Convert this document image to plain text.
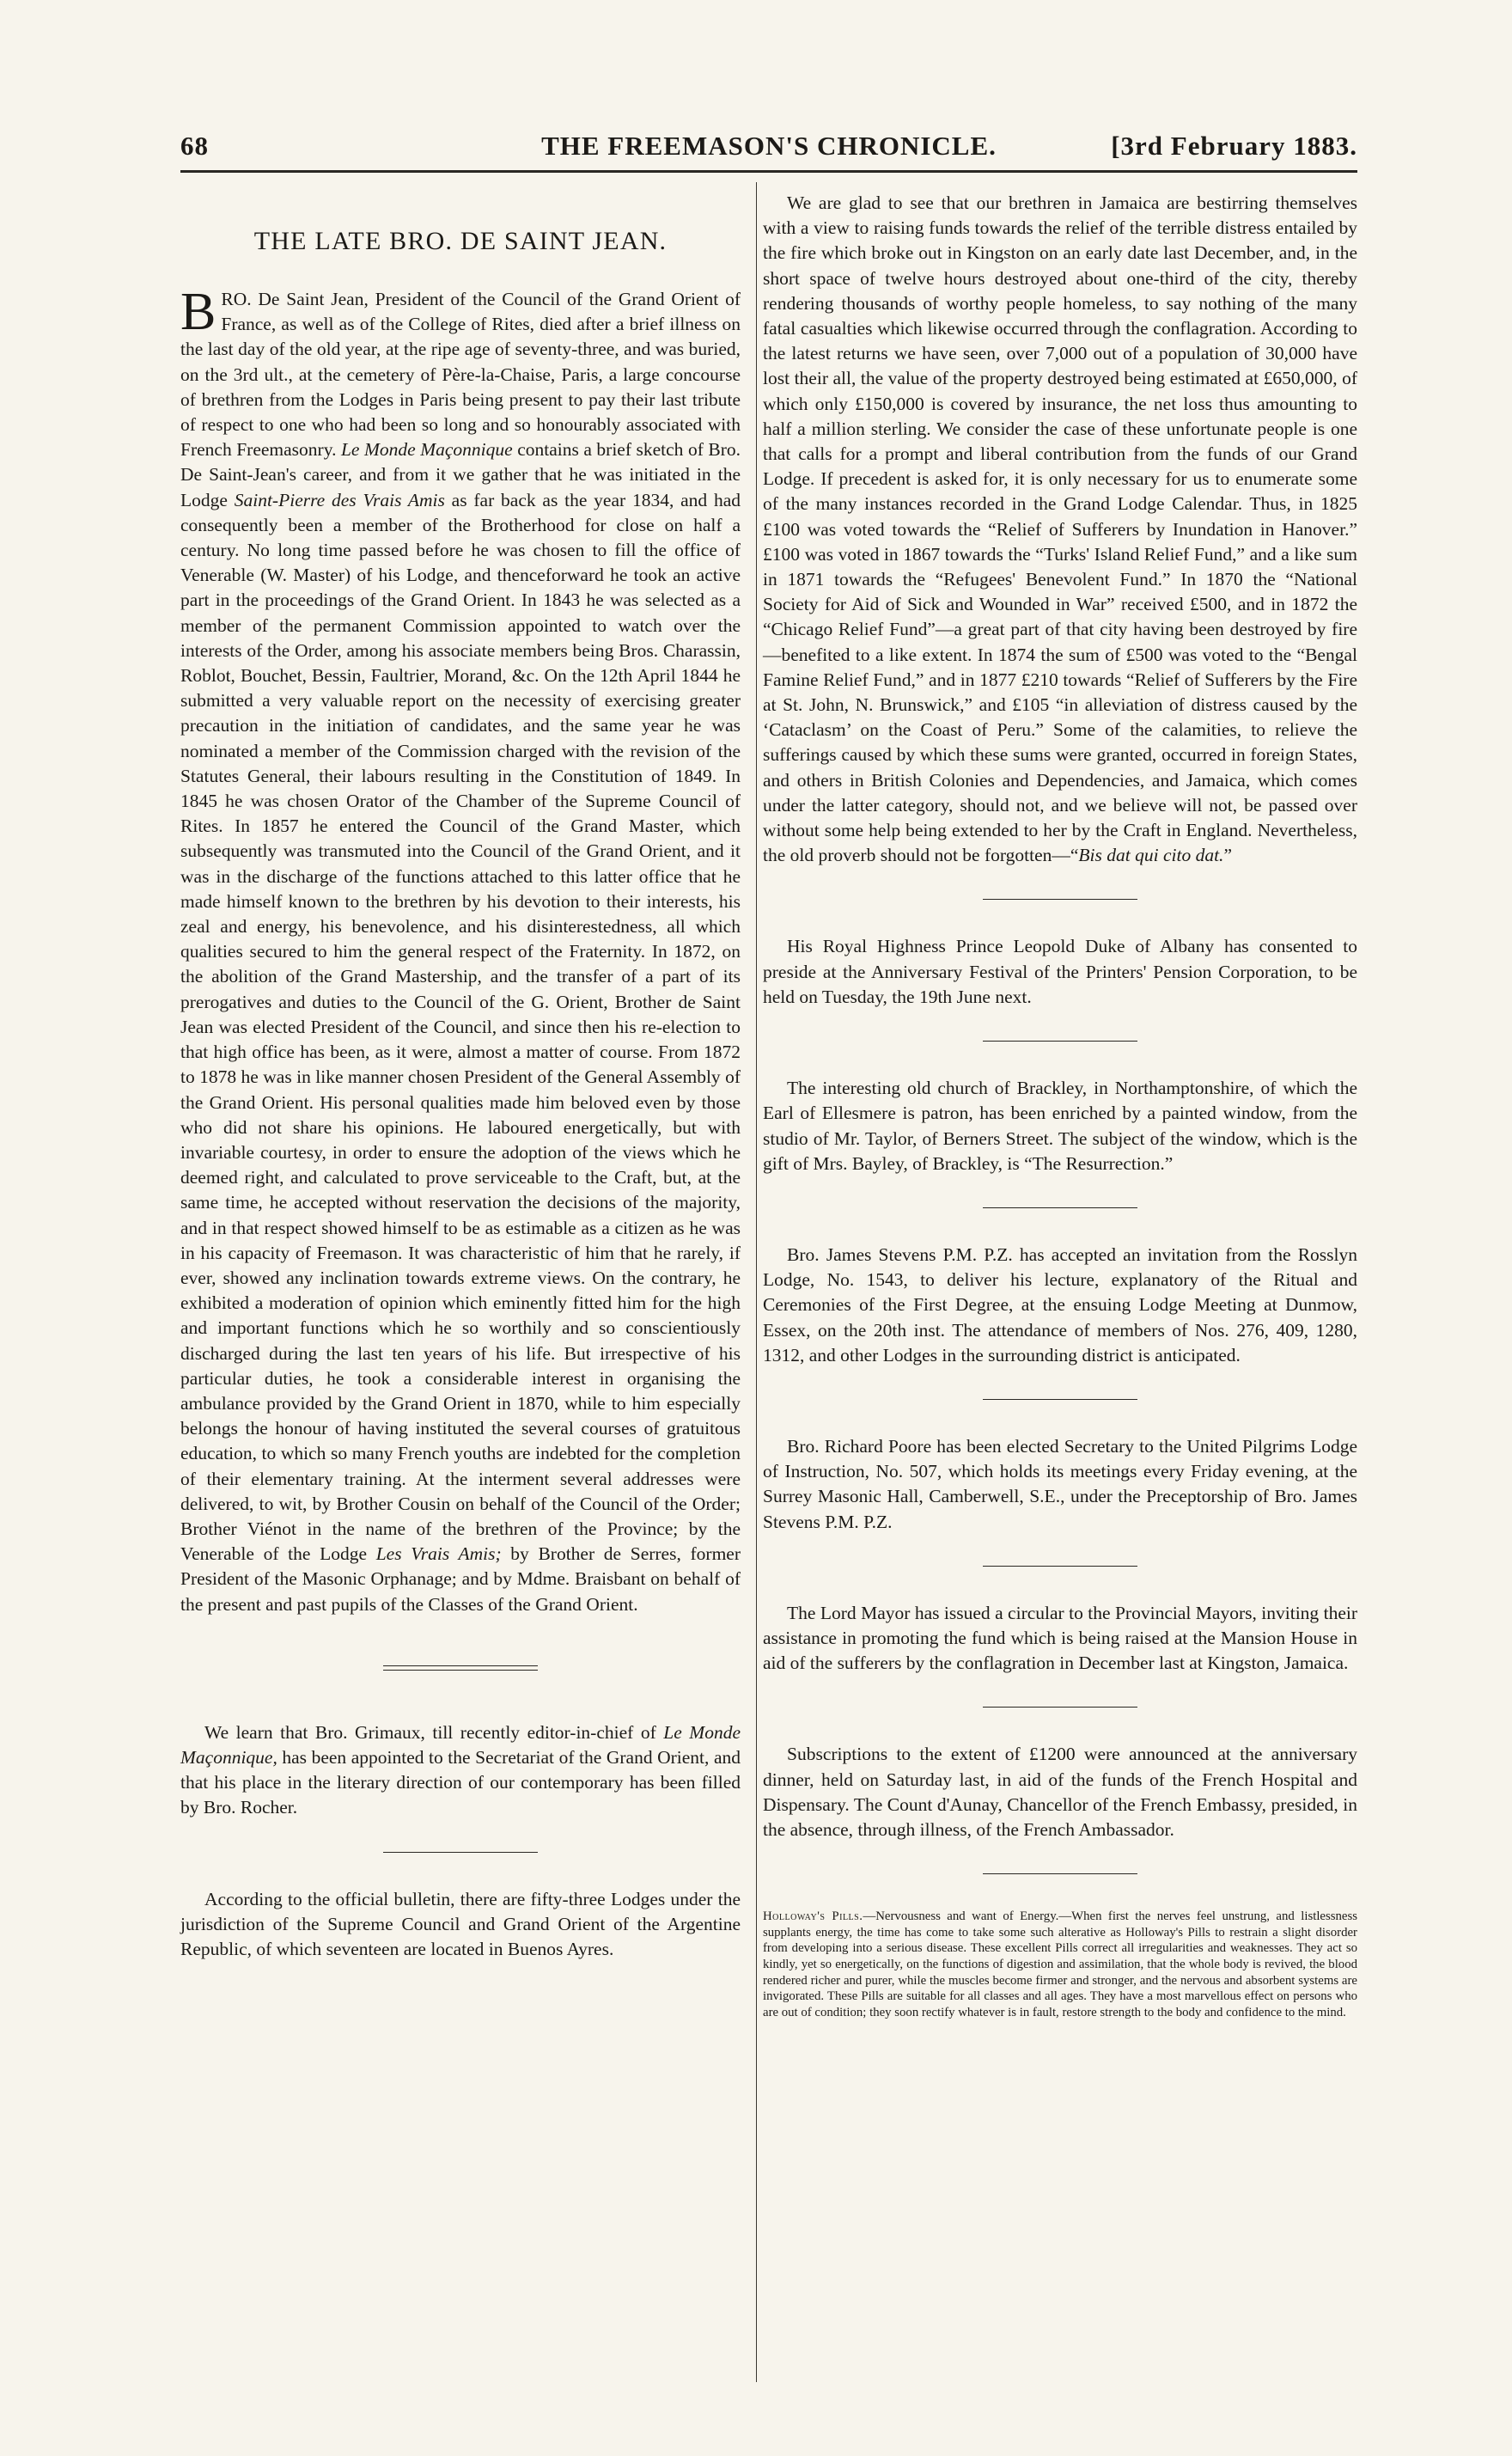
68	THE FREEMASON'S CHRONICLE.	[3rd February 1883.
THE LATE BRO. DE SAINT JEAN.

BRO. De Saint Jean, President of the Council of the Grand Orient of France, as well as of the College of Rites, died after a brief illness on the last day of the old year, at the ripe age of seventy-three, and was buried, on the 3rd ult., at the cemetery of Père-la-Chaise, Paris, a large concourse of brethren from the Lodges in Paris being present to pay their last tribute of respect to one who had been so long and so honourably associated with French Freemasonry. Le Monde Maçonnique contains a brief sketch of Bro. De Saint-Jean's career, and from it we gather that he was initiated in the Lodge Saint-Pierre des Vrais Amis as far back as the year 1834, and had consequently been a member of the Brotherhood for close on half a century. No long time passed before he was chosen to fill the office of Venerable (W. Master) of his Lodge, and thenceforward he took an active part in the proceedings of the Grand Orient. In 1843 he was selected as a member of the permanent Commission appointed to watch over the interests of the Order, among his associate members being Bros. Charassin, Roblot, Bouchet, Bessin, Faultrier, Morand, &c. On the 12th April 1844 he submitted a very valuable report on the necessity of exercising greater precaution in the initiation of candidates, and the same year he was nominated a member of the Commission charged with the revision of the Statutes General, their labours resulting in the Constitution of 1849. In 1845 he was chosen Orator of the Chamber of the Supreme Council of Rites. In 1857 he entered the Council of the Grand Master, which subsequently was transmuted into the Council of the Grand Orient, and it was in the discharge of the functions attached to this latter office that he made himself known to the brethren by his devotion to their interests, his zeal and energy, his benevolence, and his disinterestedness, all which qualities secured to him the general respect of the Fraternity. In 1872, on the abolition of the Grand Mastership, and the transfer of a part of its prerogatives and duties to the Council of the G. Orient, Brother de Saint Jean was elected President of the Council, and since then his re-election to that high office has been, as it were, almost a matter of course. From 1872 to 1878 he was in like manner chosen President of the General Assembly of the Grand Orient. His personal qualities made him beloved even by those who did not share his opinions. He laboured energetically, but with invariable courtesy, in order to ensure the adoption of the views which he deemed right, and calculated to prove serviceable to the Craft, but, at the same time, he accepted without reservation the decisions of the majority, and in that respect showed himself to be as estimable as a citizen as he was in his capacity of Freemason. It was characteristic of him that he rarely, if ever, showed any inclination towards extreme views. On the contrary, he exhibited a moderation of opinion which eminently fitted him for the high and important functions which he so worthily and so conscientiously discharged during the last ten years of his life. But irrespective of his particular duties, he took a considerable interest in organising the ambulance provided by the Grand Orient in 1870, while to him especially belongs the honour of having instituted the several courses of gratuitous education, to which so many French youths are indebted for the completion of their elementary training. At the interment several addresses were delivered, to wit, by Brother Cousin on behalf of the Council of the Order; Brother Viénot in the name of the brethren of the Province; by the Venerable of the Lodge Les Vrais Amis; by Brother de Serres, former President of the Masonic Orphanage; and by Mdme. Braisbant on behalf of the present and past pupils of the Classes of the Grand Orient.

We learn that Bro. Grimaux, till recently editor-in-chief of Le Monde Maçonnique, has been appointed to the Secretariat of the Grand Orient, and that his place in the literary direction of our contemporary has been filled by Bro. Rocher.

According to the official bulletin, there are fifty-three Lodges under the jurisdiction of the Supreme Council and Grand Orient of the Argentine Republic, of which seventeen are located in Buenos Ayres.

We are glad to see that our brethren in Jamaica are bestirring themselves with a view to raising funds towards the relief of the terrible distress entailed by the fire which broke out in Kingston on an early date last December, and, in the short space of twelve hours destroyed about one-third of the city, thereby rendering thousands of worthy people homeless, to say nothing of the many fatal casualties which likewise occurred through the conflagration. According to the latest returns we have seen, over 7,000 out of a population of 30,000 have lost their all, the value of the property destroyed being estimated at £650,000, of which only £150,000 is covered by insurance, the net loss thus amounting to half a million sterling. We consider the case of these unfortunate people is one that calls for a prompt and liberal contribution from the funds of our Grand Lodge. If precedent is asked for, it is only necessary for us to enumerate some of the many instances recorded in the Grand Lodge Calendar. Thus, in 1825 £100 was voted towards the “Relief of Sufferers by Inundation in Hanover.” £100 was voted in 1867 towards the “Turks' Island Relief Fund,” and a like sum in 1871 towards the “Refugees' Benevolent Fund.” In 1870 the “National Society for Aid of Sick and Wounded in War” received £500, and in 1872 the “Chicago Relief Fund”—a great part of that city having been destroyed by fire—benefited to a like extent. In 1874 the sum of £500 was voted to the “Bengal Famine Relief Fund,” and in 1877 £210 towards “Relief of Sufferers by the Fire at St. John, N. Brunswick,” and £105 “in alleviation of distress caused by the ‘Cataclasm’ on the Coast of Peru.” Some of the calamities, to relieve the sufferings caused by which these sums were granted, occurred in foreign States, and others in British Colonies and Dependencies, and Jamaica, which comes under the latter category, should not, and we believe will not, be passed over without some help being extended to her by the Craft in England. Nevertheless, the old proverb should not be forgotten—“Bis dat qui cito dat.”

His Royal Highness Prince Leopold Duke of Albany has consented to preside at the Anniversary Festival of the Printers' Pension Corporation, to be held on Tuesday, the 19th June next.

The interesting old church of Brackley, in Northamptonshire, of which the Earl of Ellesmere is patron, has been enriched by a painted window, from the studio of Mr. Taylor, of Berners Street. The subject of the window, which is the gift of Mrs. Bayley, of Brackley, is “The Resurrection.”

Bro. James Stevens P.M. P.Z. has accepted an invitation from the Rosslyn Lodge, No. 1543, to deliver his lecture, explanatory of the Ritual and Ceremonies of the First Degree, at the ensuing Lodge Meeting at Dunmow, Essex, on the 20th inst. The attendance of members of Nos. 276, 409, 1280, 1312, and other Lodges in the surrounding district is anticipated.

Bro. Richard Poore has been elected Secretary to the United Pilgrims Lodge of Instruction, No. 507, which holds its meetings every Friday evening, at the Surrey Masonic Hall, Camberwell, S.E., under the Preceptorship of Bro. James Stevens P.M. P.Z.

The Lord Mayor has issued a circular to the Provincial Mayors, inviting their assistance in promoting the fund which is being raised at the Mansion House in aid of the sufferers by the conflagration in December last at Kingston, Jamaica.

Subscriptions to the extent of £1200 were announced at the anniversary dinner, held on Saturday last, in aid of the funds of the French Hospital and Dispensary. The Count d'Aunay, Chancellor of the French Embassy, presided, in the absence, through illness, of the French Ambassador.

Holloway's Pills.—Nervousness and want of Energy.—When first the nerves feel unstrung, and listlessness supplants energy, the time has come to take some such alterative as Holloway's Pills to restrain a slight disorder from developing into a serious disease. These excellent Pills correct all irregularities and weaknesses. They act so kindly, yet so energetically, on the functions of digestion and assimilation, that the whole body is revived, the blood rendered richer and purer, while the muscles become firmer and stronger, and the nervous and absorbent systems are invigorated. These Pills are suitable for all classes and all ages. They have a most marvellous effect on persons who are out of condition; they soon rectify whatever is in fault, restore strength to the body and confidence to the mind.
